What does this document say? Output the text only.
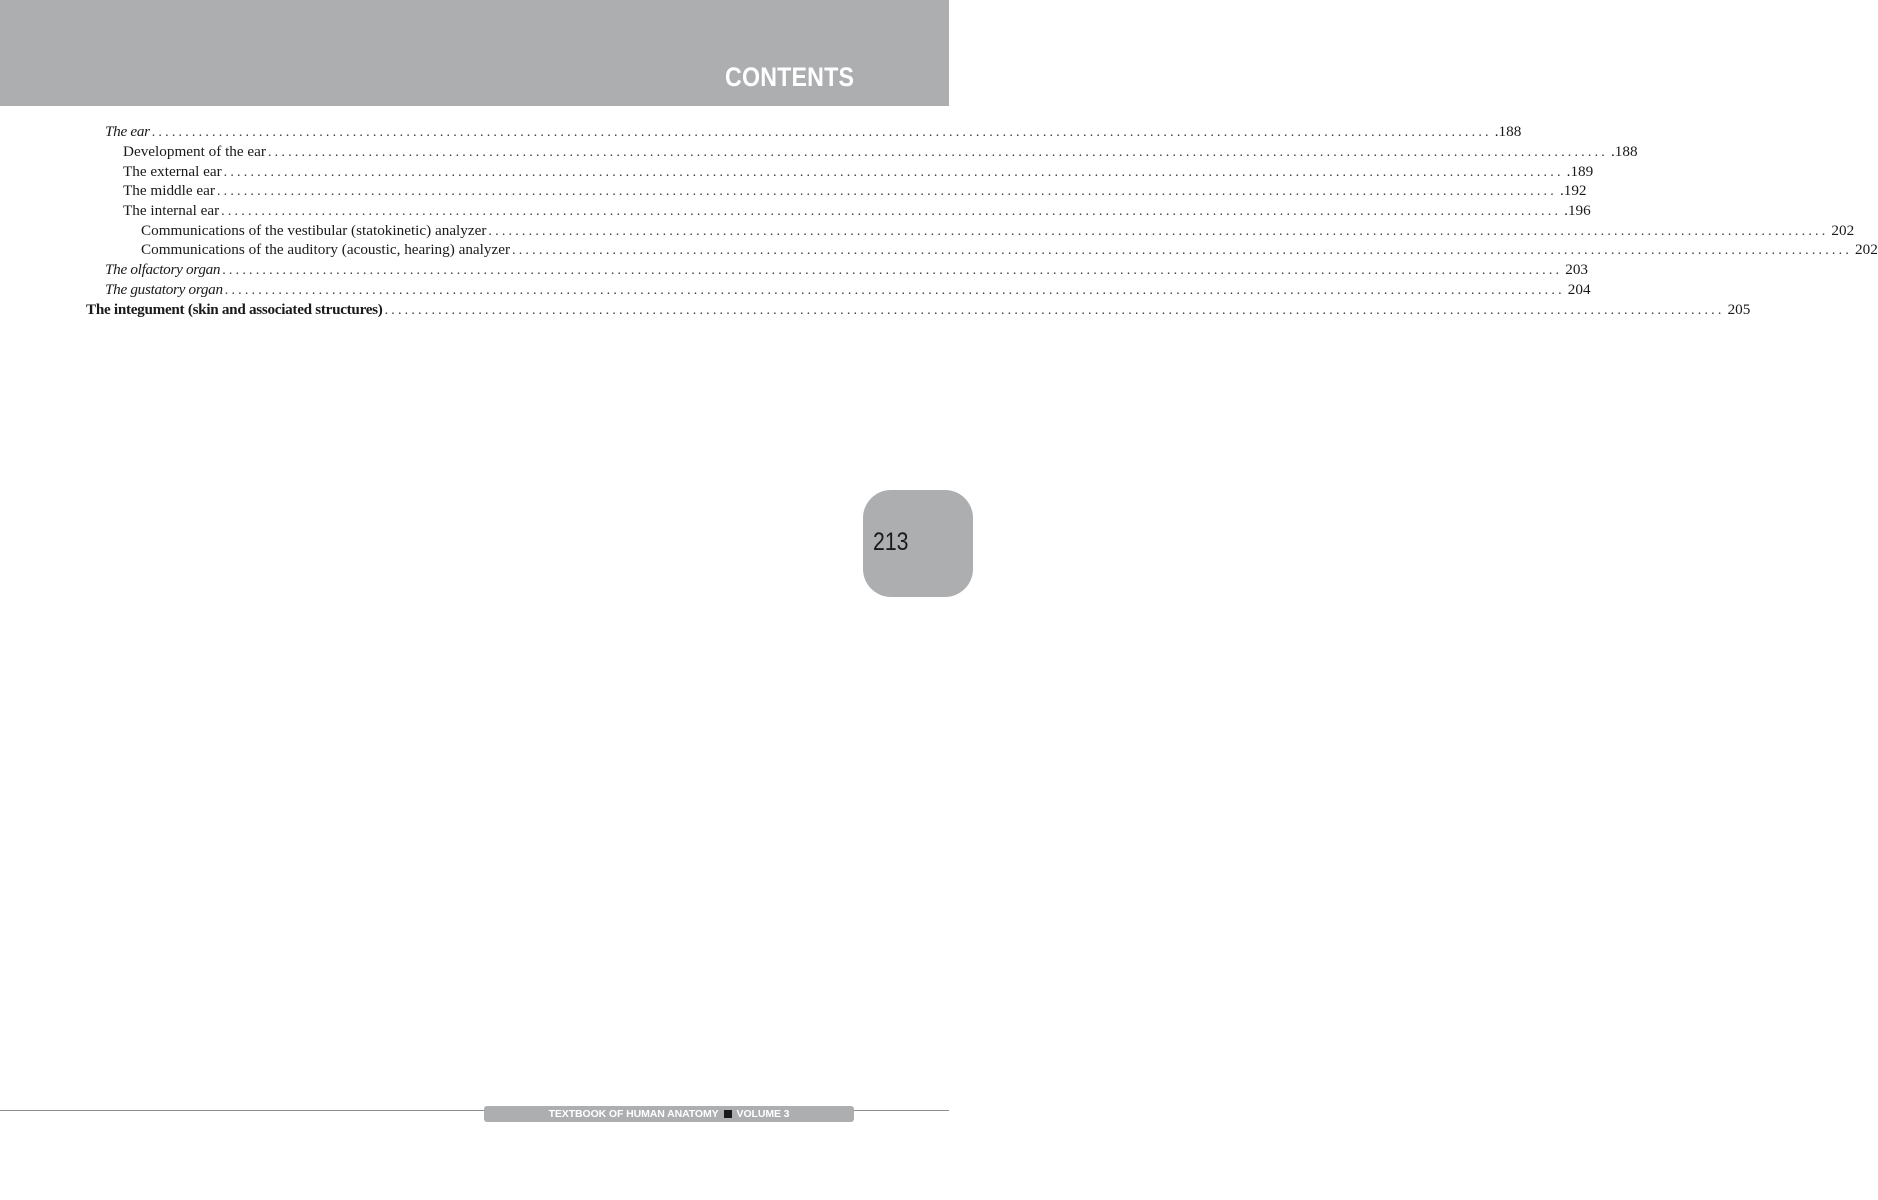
CONTENTS
The ear ........................................................................................................................................................................................................ .188
Development of the ear ........................................................................................................................................................................................................ .188
The external ear ........................................................................................................................................................................................................ .189
The middle ear ........................................................................................................................................................................................................ .192
The internal ear ........................................................................................................................................................................................................ .196
Communications of the vestibular (statokinetic) analyzer ........................................................................................................................................................................................................ 202
Communications of the auditory (acoustic, hearing) analyzer ........................................................................................................................................................................................................ 202
The olfactory organ ........................................................................................................................................................................................................ 203
The gustatory organ ........................................................................................................................................................................................................ 204
The integument (skin and associated structures) ........................................................................................................................................................................................................ 205
213
TEXTBOOK OF HUMAN ANATOMY VOLUME 3
